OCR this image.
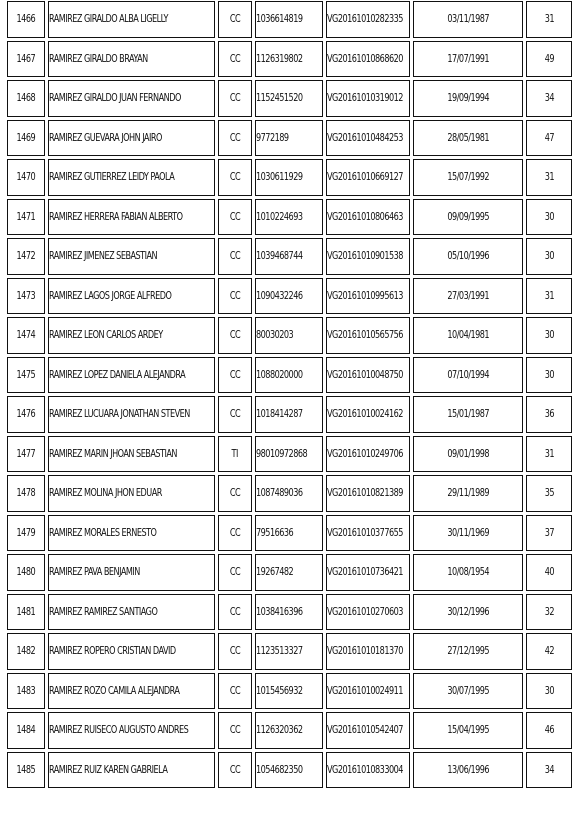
1466	RAMIREZ GIRALDO ALBA LIGELLY	CC	1036614819	VG20161010282335	03/11/1987	31
1467	RAMIREZ GIRALDO BRAYAN	CC	1126319802	VG20161010868620	17/07/1991	49
1468	RAMIREZ GIRALDO JUAN FERNANDO	CC	1152451520	VG20161010319012	19/09/1994	34
1469	RAMIREZ GUEVARA JOHN JAIRO	CC	9772189	VG20161010484253	28/05/1981	47
1470	RAMIREZ GUTIERREZ LEIDY PAOLA	CC	1030611929	VG20161010669127	15/07/1992	31
1471	RAMIREZ HERRERA FABIAN ALBERTO	CC	1010224693	VG20161010806463	09/09/1995	30
1472	RAMIREZ JIMENEZ SEBASTIAN	CC	1039468744	VG20161010901538	05/10/1996	30
1473	RAMIREZ LAGOS JORGE ALFREDO	CC	1090432246	VG20161010995613	27/03/1991	31
1474	RAMIREZ LEON CARLOS ARDEY	CC	80030203	VG20161010565756	10/04/1981	30
1475	RAMIREZ LOPEZ DANIELA ALEJANDRA	CC	1088020000	VG20161010048750	07/10/1994	30
1476	RAMIREZ LUCUARA JONATHAN STEVEN	CC	1018414287	VG20161010024162	15/01/1987	36
1477	RAMIREZ MARIN JHOAN SEBASTIAN	TI	98010972868	VG20161010249706	09/01/1998	31
1478	RAMIREZ MOLINA JHON EDUAR	CC	1087489036	VG20161010821389	29/11/1989	35
1479	RAMIREZ MORALES ERNESTO	CC	79516636	VG20161010377655	30/11/1969	37
1480	RAMIREZ PAVA BENJAMIN	CC	19267482	VG20161010736421	10/08/1954	40
1481	RAMIREZ RAMIREZ SANTIAGO	CC	1038416396	VG20161010270603	30/12/1996	32
1482	RAMIREZ ROPERO CRISTIAN DAVID	CC	1123513327	VG20161010181370	27/12/1995	42
1483	RAMIREZ ROZO CAMILA ALEJANDRA	CC	1015456932	VG20161010024911	30/07/1995	30
1484	RAMIREZ RUISECO AUGUSTO ANDRES	CC	1126320362	VG20161010542407	15/04/1995	46
1485	RAMIREZ RUIZ KAREN GABRIELA	CC	1054682350	VG20161010833004	13/06/1996	34
